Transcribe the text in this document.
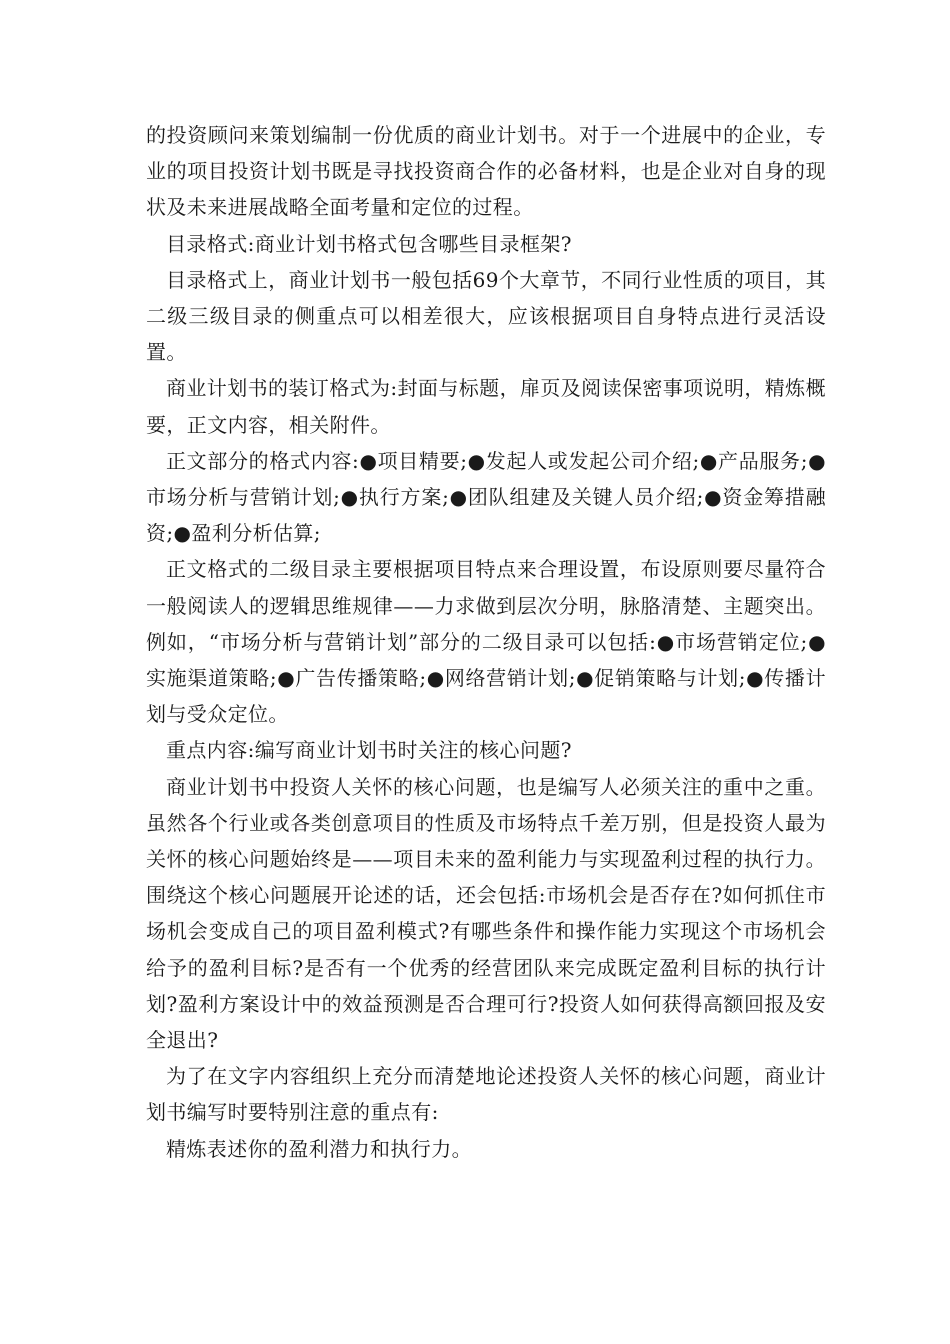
的投资顾问来策划编制一份优质的商业计划书。对于一个进展中的企业，专业的项目投资计划书既是寻找投资商合作的必备材料，也是企业对自身的现状及未来进展战略全面考量和定位的过程。

目录格式:商业计划书格式包含哪些目录框架?

目录格式上，商业计划书一般包括69个大章节，不同行业性质的项目，其二级三级目录的侧重点可以相差很大，应该根据项目自身特点进行灵活设置。

商业计划书的装订格式为:封面与标题，扉页及阅读保密事项说明，精炼概要，正文内容，相关附件。

正文部分的格式内容:●项目精要;●发起人或发起公司介绍;●产品服务;●市场分析与营销计划;●执行方案;●团队组建及关键人员介绍;●资金筹措融资;●盈利分析估算;

正文格式的二级目录主要根据项目特点来合理设置，布设原则要尽量符合一般阅读人的逻辑思维规律——力求做到层次分明，脉胳清楚、主题突出。例如，“市场分析与营销计划”部分的二级目录可以包括:●市场营销定位;●实施渠道策略;●广告传播策略;●网络营销计划;●促销策略与计划;●传播计划与受众定位。

重点内容:编写商业计划书时关注的核心问题?

商业计划书中投资人关怀的核心问题，也是编写人必须关注的重中之重。虽然各个行业或各类创意项目的性质及市场特点千差万别，但是投资人最为关怀的核心问题始终是——项目未来的盈利能力与实现盈利过程的执行力。围绕这个核心问题展开论述的话，还会包括:市场机会是否存在?如何抓住市场机会变成自己的项目盈利模式?有哪些条件和操作能力实现这个市场机会给予的盈利目标?是否有一个优秀的经营团队来完成既定盈利目标的执行计划?盈利方案设计中的效益预测是否合理可行?投资人如何获得高额回报及安全退出?

为了在文字内容组织上充分而清楚地论述投资人关怀的核心问题，商业计划书编写时要特别注意的重点有:

精炼表述你的盈利潜力和执行力。
